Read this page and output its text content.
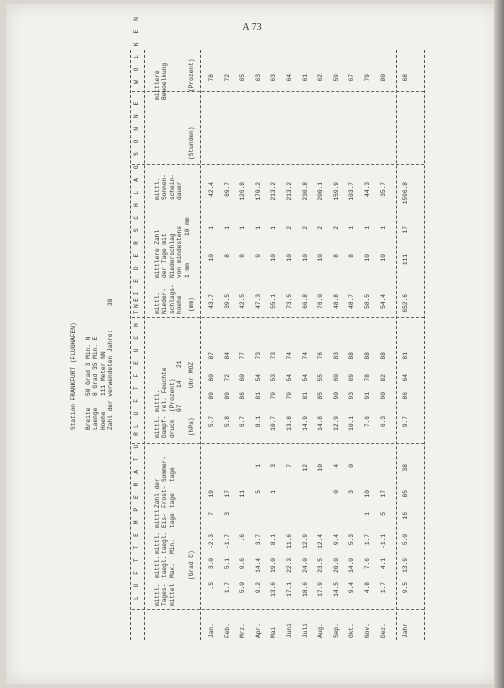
A 73
Station FRANKFURT (FLUGHAFEN)
Breite50 Grad 3 Min. N
Laenge8 Grad 35 Min. E
Hoehe111 Meter NN Zahl der verwendeten Jahre:30
L U F T T E M P E R A T U R
L U F T F E U C H T E
N I E D E R S C H L A G
S O N N E
W O L K E N
mittl. Tages- mittel
mittl. taegl. Max.
mittl. taegl. Min.
mittl. Eis- tage
Zahl der Frost- tage

Sommer- tage
mittl. Dampf- druck
mittl. rel. Feuchte (Prozent) 07

14

21
mittl. Nieder- schlags- hoehe
mittlere Zahl der Tage mit Niederschlag von mindestens 1 mm

10 mm
mittl. Sonnen- schein- dauer
mittlere Bewoelkung
(Grad C)
(hPa)
Uhr MOZ
(mm)
(Stunden)
(Prozent)
Jan.
.5
3.0
-2.3
7
19
5.7
89
80
87
43.7
10
1
42.4
78
Feb.
1.7
5.1
-1.7
3
17
5.8
89
72
84
39.5
8
1
69.7
72
Mrz.
5.0
9.6
.6
11
6.7
86
60
77
42.5
8
1
126.8
65
Apr.
9.2
14.4
3.7
5
1
8.1
81
54
73
47.3
9
1
170.2
63
Mai
13.6
19.0
8.1
1
3
10.7
79
53
73
55.1
10
1
213.2
63
Juni
17.1
22.3
11.6
7
13.8
79
54
74
73.5
10
2
213.2
64
Juli
18.6
24.0
12.9
12
14.9
81
54
74
66.8
10
2
230.8
61
Aug.
17.9
23.5
12.4
10
14.8
85
55
76
76.0
10
2
200.1
62
Sep.
14.5
20.0
9.4
0
4
12.9
90
60
83
48.8
8
2
159.9
59
Okt.
9.4
14.0
5.3
3
0
10.1
93
69
88
48.7
8
1
103.7
67
Nov.
4.8
7.6
1.7
1
10
7.6
91
78
88
58.5
10
1
44.3
79
Dez.
1.7
4.1
-1.1
5
17
6.3
90
82
88
54.4
10
1
35.7
80
Jahr
9.5
13.9
5.0
16
85
38
9.7
86
64
81
652.6
111
17
1596.8
68
